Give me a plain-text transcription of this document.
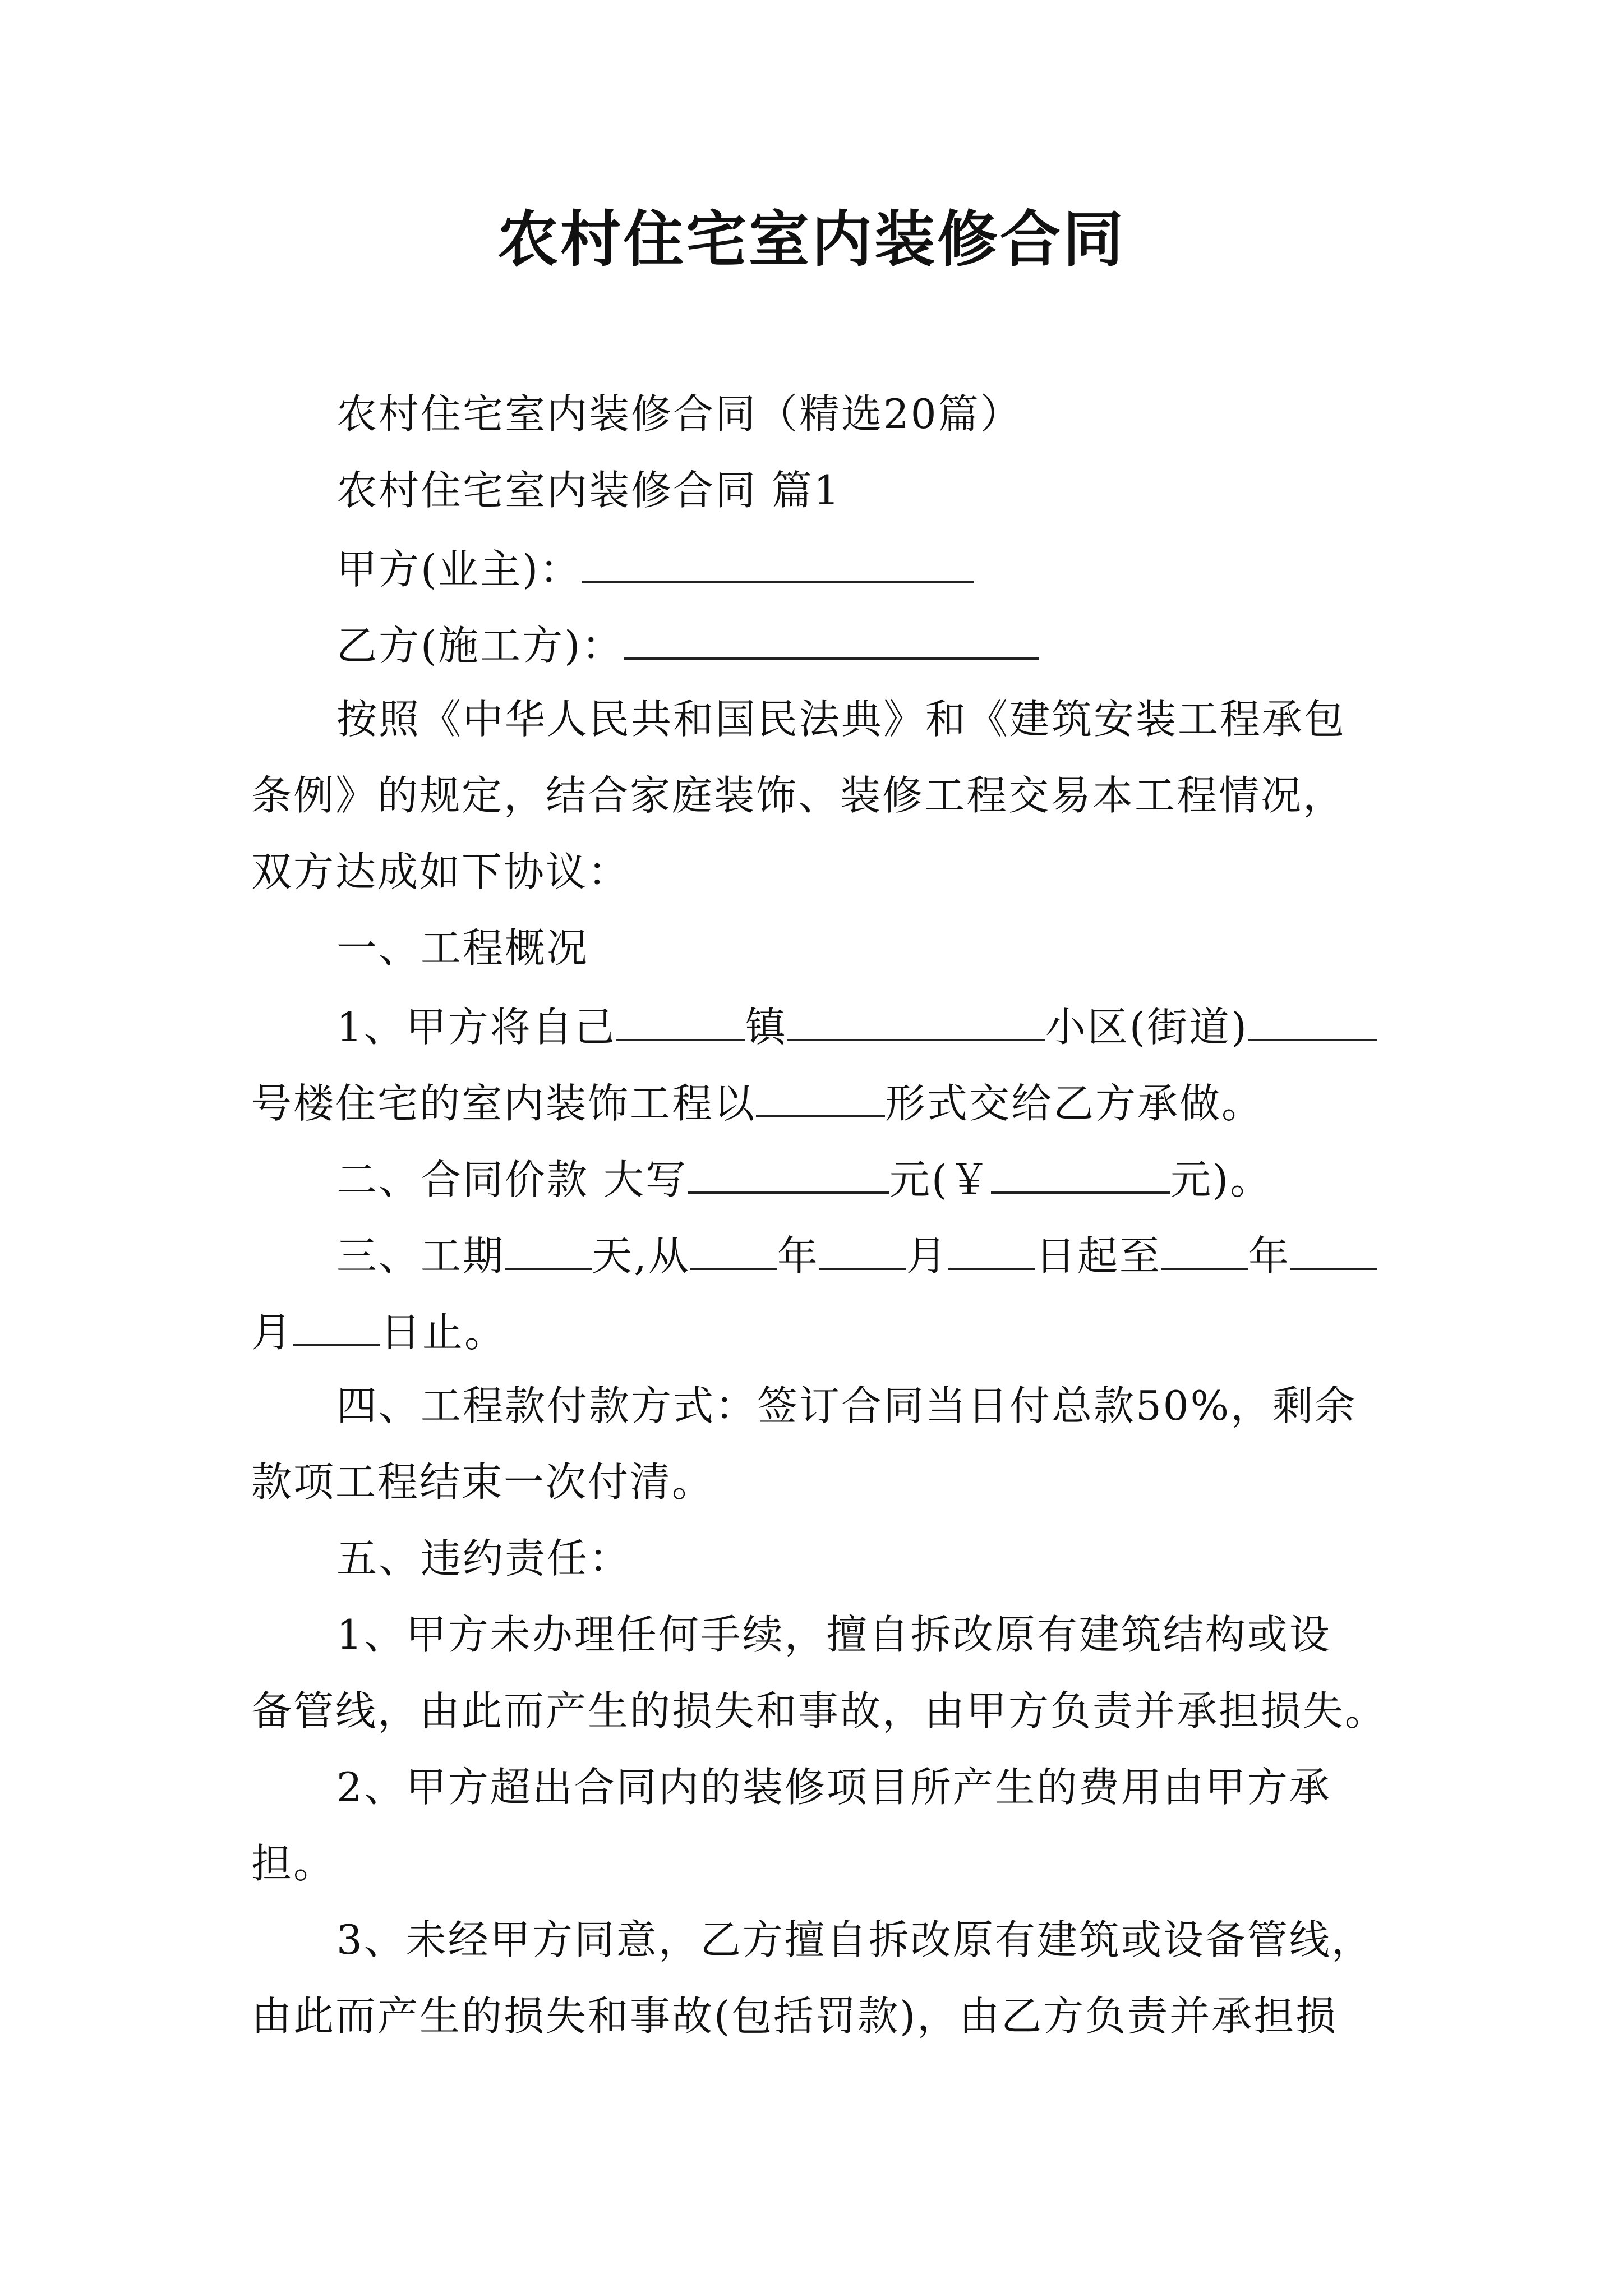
农村住宅室内装修合同
农村住宅室内装修合同（精选20篇）
农村住宅室内装修合同 篇1
甲方(业主)：
乙方(施工方)：
按照《中华人民共和国民法典》和《建筑安装工程承包
条例》的规定，结合家庭装饰、装修工程交易本工程情况，
双方达成如下协议：
一、工程概况
1、甲方将自己	镇	小区(街道)
号楼住宅的室内装饰工程以	形式交给乙方承做。
二、合同价款 大写	元(￥	元)。
三、工期 天,从 年 月 日起至 年
月 日止。
四、工程款付款方式：签订合同当日付总款50%，剩余
款项工程结束一次付清。
五、违约责任：
1、甲方未办理任何手续，擅自拆改原有建筑结构或设
备管线，由此而产生的损失和事故，由甲方负责并承担损失。
2、甲方超出合同内的装修项目所产生的费用由甲方承
担。
3、未经甲方同意，乙方擅自拆改原有建筑或设备管线，
由此而产生的损失和事故(包括罚款)，由乙方负责并承担损
